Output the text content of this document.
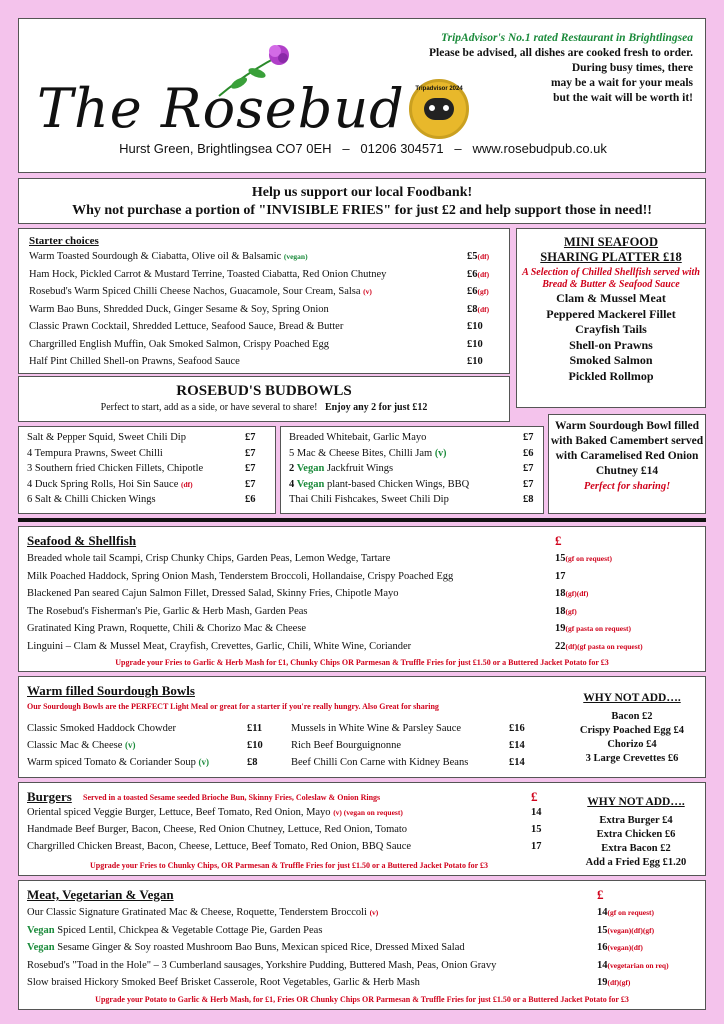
The Rosebud	Tripadvisor 2024
TripAdvisor's No.1 rated Restaurant in Brightlingsea
Please be advised, all dishes are cooked fresh to order.
During busy times, there
may be a wait for your meals
but the wait will be worth it!
Hurst Green, Brightlingsea CO7 0EH   –   01206 304571   –   www.rosebudpub.co.uk
Help us support our local Foodbank!
Why not purchase a portion of "INVISIBLE FRIES" for just £2 and help support those in need!!
Starter choices
Warm Toasted Sourdough & Ciabatta, Olive oil & Balsamic (vegan)	£5(df)
Ham Hock, Pickled Carrot & Mustard Terrine, Toasted Ciabatta, Red Onion Chutney	£6(df)
Rosebud's Warm Spiced Chilli Cheese Nachos, Guacamole, Sour Cream, Salsa (v)	£6(gf)
Warm Bao Buns, Shredded Duck, Ginger Sesame & Soy, Spring Onion	£8(df)
Classic Prawn Cocktail, Shredded Lettuce, Seafood Sauce, Bread & Butter	£10
Chargrilled English Muffin, Oak Smoked Salmon, Crispy Poached Egg	£10
Half Pint Chilled Shell-on Prawns, Seafood Sauce	£10
MINI SEAFOOD
SHARING PLATTER £18
A Selection of Chilled Shellfish served with Bread & Butter & Seafood Sauce
Clam & Mussel Meat
Peppered Mackerel Fillet
Crayfish Tails
Shell-on Prawns
Smoked Salmon
Pickled Rollmop
ROSEBUD'S BUDBOWLS
Perfect to start, add as a side, or have several to share! Enjoy any 2 for just £12
Salt & Pepper Squid, Sweet Chili Dip	£7
4 Tempura Prawns, Sweet Chilli	£7
3 Southern fried Chicken Fillets, Chipotle	£7
4 Duck Spring Rolls, Hoi Sin Sauce (df)	£7
6 Salt & Chilli Chicken Wings	£6
Breaded Whitebait, Garlic Mayo	£7
5 Mac & Cheese Bites, Chilli Jam (v)	£6
2 Vegan Jackfruit Wings	£7
4 Vegan plant-based Chicken Wings, BBQ	£7
Thai Chili Fishcakes, Sweet Chili Dip	£8
Warm Sourdough Bowl filled with Baked Camembert served with Caramelised Red Onion Chutney £14
Perfect for sharing!
Seafood & Shellfish	£
Upgrade your Fries to Garlic & Herb Mash for £1, Chunky Chips OR Parmesan & Truffle Fries for just £1.50 or a Buttered Jacket Potato for £3
Breaded whole tail Scampi, Crisp Chunky Chips, Garden Peas, Lemon Wedge, Tartare	15(gf on request)
Milk Poached Haddock, Spring Onion Mash, Tenderstem Broccoli, Hollandaise, Crispy Poached Egg	17
Blackened Pan seared Cajun Salmon Fillet, Dressed Salad, Skinny Fries, Chipotle Mayo	18(gf)(df)
The Rosebud's Fisherman's Pie, Garlic & Herb Mash, Garden Peas	18(gf)
Gratinated King Prawn, Roquette, Chili & Chorizo Mac & Cheese	19(gf pasta on request)
Linguini – Clam & Mussel Meat, Crayfish, Crevettes, Garlic, Chili, White Wine, Coriander	22(df)(gf pasta on request)
Warm filled Sourdough Bowls
Our Sourdough Bowls are the PERFECT Light Meal or great for a starter if you're really hungry. Also Great for sharing
WHY NOT ADD….
Bacon £2
Crispy Poached Egg £4
Chorizo £4
3 Large Crevettes £6
Classic Smoked Haddock Chowder	£11
Classic Mac & Cheese (v)	£10
Warm spiced Tomato & Coriander Soup (v)	£8
Mussels in White Wine & Parsley Sauce	£16
Rich Beef Bourguignonne	£14
Beef Chilli Con Carne with Kidney Beans	£14
Burgers Served in a toasted Sesame seeded Brioche Bun, Skinny Fries, Coleslaw & Onion Rings	£
Upgrade your Fries to Chunky Chips, OR Parmesan & Truffle Fries for just £1.50 or a Buttered Jacket Potato for £3
WHY NOT ADD….
Extra Burger £4
Extra Chicken £6
Extra Bacon £2
Add a Fried Egg £1.20
Oriental spiced Veggie Burger, Lettuce, Beef Tomato, Red Onion, Mayo (v) (vegan on request)	14
Handmade Beef Burger, Bacon, Cheese, Red Onion Chutney, Lettuce, Red Onion, Tomato	15
Chargrilled Chicken Breast, Bacon, Cheese, Lettuce, Beef Tomato, Red Onion, BBQ Sauce	17
Meat, Vegetarian & Vegan	£
Upgrade your Potato to Garlic & Herb Mash, for £1, Fries OR Chunky Chips OR Parmesan & Truffle Fries for just £1.50 or a Buttered Jacket Potato for £3
Our Classic Signature Gratinated Mac & Cheese, Roquette, Tenderstem Broccoli (v)	14(gf on request)
Vegan Spiced Lentil, Chickpea & Vegetable Cottage Pie, Garden Peas	15(vegan)(df)(gf)
Vegan Sesame Ginger & Soy roasted Mushroom Bao Buns, Mexican spiced Rice, Dressed Mixed Salad	16(vegan)(df)
Rosebud's "Toad in the Hole" – 3 Cumberland sausages, Yorkshire Pudding, Buttered Mash, Peas, Onion Gravy	14(vegetarian on req)
Slow braised Hickory Smoked Beef Brisket Casserole, Root Vegetables, Garlic & Herb Mash	19(df)(gf)
